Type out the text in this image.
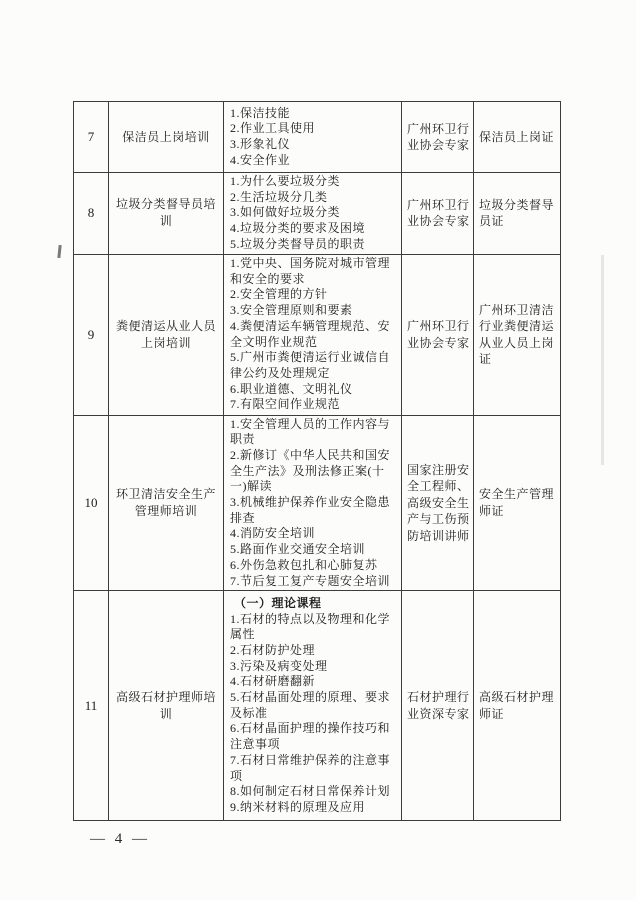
7	保洁员上岗培训	1.保洁技能
2.作业工具使用
3.形象礼仪
4.安全作业	广州环卫行业协会专家	保洁员上岗证
8	垃圾分类督导员培训	1.为什么要垃圾分类
2.生活垃圾分几类
3.如何做好垃圾分类
4.垃圾分类的要求及困境
5.垃圾分类督导员的职责	广州环卫行业协会专家	垃圾分类督导员证
9	粪便清运从业人员上岗培训	
1.党中央、国务院对城市管理和安全的要求
2.安全管理的方针
3.安全管理原则和要素
4.粪便清运车辆管理规范、安全文明作业规范
5.广州市粪便清运行业诚信自律公约及处理规定
6.职业道德、文明礼仪
7.有限空间作业规范
	广州环卫行业协会专家	广州环卫清洁行业粪便清运从业人员上岗证
10	环卫清洁安全生产管理师培训	
1.安全管理人员的工作内容与职责
2.新修订《中华人民共和国安全生产法》及刑法修正案(十一)解读
3.机械维护保养作业安全隐患排查
4.消防安全培训
5.路面作业交通安全培训
6.外伤急救包扎和心肺复苏
7.节后复工复产专题安全培训
	国家注册安全工程师、高级安全生产与工伤预防培训讲师	安全生产管理师证
11	高级石材护理师培训	
（一）理论课程
1.石材的特点以及物理和化学属性
2.石材防护处理
3.污染及病变处理
4.石材研磨翻新
5.石材晶面处理的原理、要求及标准
6.石材晶面护理的操作技巧和注意事项
7.石材日常维护保养的注意事项
8.如何制定石材日常保养计划
9.纳米材料的原理及应用
	石材护理行业资深专家	高级石材护理师证
— 4 —
